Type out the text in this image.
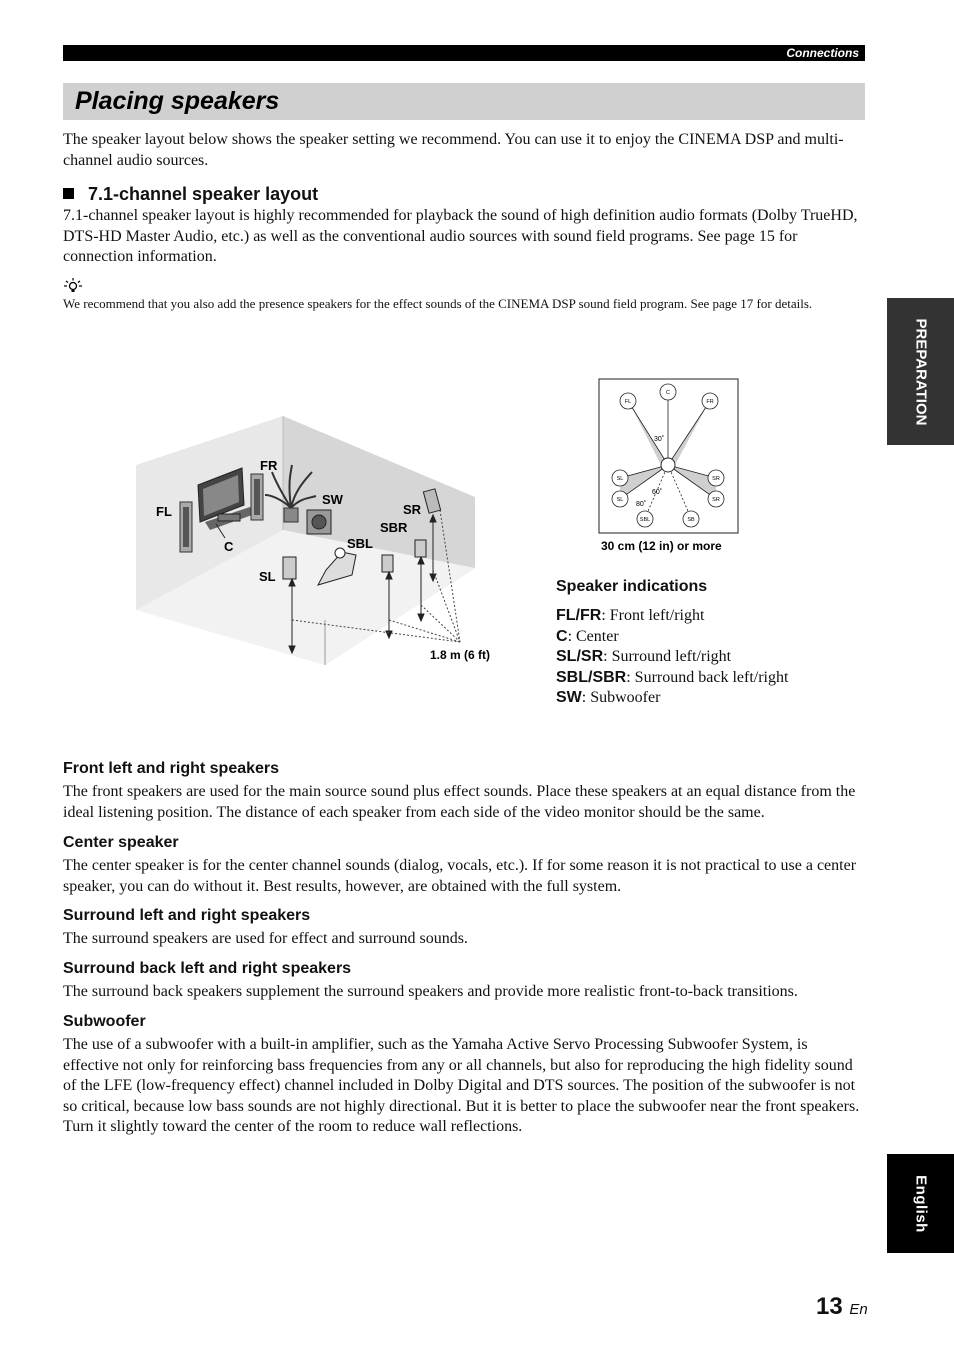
Connections
Placing speakers

The speaker layout below shows the speaker setting we recommend. You can use it to enjoy the CINEMA DSP and multi-channel audio sources.

7.1-channel speaker layout

7.1-channel speaker layout is highly recommended for playback the sound of high definition audio formats (Dolby TrueHD, DTS-HD Master Audio, etc.) as well as the conventional audio sources with sound field programs. See page 15 for connection information.

We recommend that you also add the presence speakers for the effect sounds of the CINEMA DSP sound field program. See page 17 for details.

FL
FR
C
SW
SR
SBR
SBL
SL
1.8 m (6 ft)
FL
C
FR
SL
SL
SR
SR
SBL	SB
30˚
60˚
80˚
30 cm (12 in) or more
Speaker indications
FL/FR: Front left/right
C: Center
SL/SR: Surround left/right
SBL/SBR: Surround back left/right
SW: Subwoofer
Front left and right speakers

The front speakers are used for the main source sound plus effect sounds. Place these speakers at an equal distance from the ideal listening position. The distance of each speaker from each side of the video monitor should be the same.

Center speaker

The center speaker is for the center channel sounds (dialog, vocals, etc.). If for some reason it is not practical to use a center speaker, you can do without it. Best results, however, are obtained with the full system.

Surround left and right speakers

The surround speakers are used for effect and surround sounds.

Surround back left and right speakers

The surround back speakers supplement the surround speakers and provide more realistic front-to-back transitions.

Subwoofer

The use of a subwoofer with a built-in amplifier, such as the Yamaha Active Servo Processing Subwoofer System, is effective not only for reinforcing bass frequencies from any or all channels, but also for reproducing the high fidelity sound of the LFE (low-frequency effect) channel included in Dolby Digital and DTS sources. The position of the subwoofer is not so critical, because low bass sounds are not highly directional. But it is better to place the subwoofer near the front speakers. Turn it slightly toward the center of the room to reduce wall reflections.

PREPARATION
English
13 En
